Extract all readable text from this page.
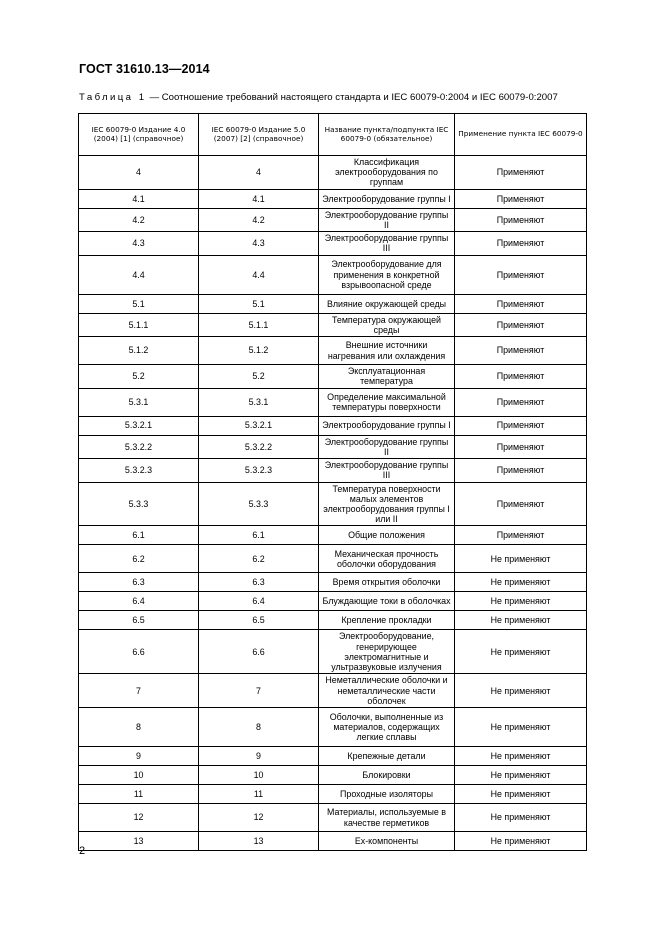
ГОСТ 31610.13—2014
Таблица 1 — Соотношение требований настоящего стандарта и IEC 60079-0:2004 и IEC 60079-0:2007
IEC 60079-0 Издание 4.0 (2004) [1] (справочное)	IEC 60079-0 Издание 5.0 (2007) [2] (справочное)	Название пункта/подпункта IEC 60079-0 (обязательное)	Применение пункта IEC 60079-0

4	4	Классификация электрооборудования по группам	Применяют
4.1	4.1	Электрооборудование группы I	Применяют
4.2	4.2	Электрооборудование группы II	Применяют
4.3	4.3	Электрооборудование группы III	Применяют
4.4	4.4	Электрооборудование для применения в конкретной взрывоопасной среде	Применяют
5.1	5.1	Влияние окружающей среды	Применяют
5.1.1	5.1.1	Температура окружающей среды	Применяют
5.1.2	5.1.2	Внешние источники нагревания или охлаждения	Применяют
5.2	5.2	Эксплуатационная температура	Применяют
5.3.1	5.3.1	Определение максимальной температуры поверхности	Применяют
5.3.2.1	5.3.2.1	Электрооборудование группы I	Применяют
5.3.2.2	5.3.2.2	Электрооборудование группы II	Применяют
5.3.2.3	5.3.2.3	Электрооборудование группы III	Применяют
5.3.3	5.3.3	Температура поверхности малых элементов электрооборудования группы I или II	Применяют
6.1	6.1	Общие положения	Применяют
6.2	6.2	Механическая прочность оболочки оборудования	Не применяют
6.3	6.3	Время открытия оболочки	Не применяют
6.4	6.4	Блуждающие токи в оболочках	Не применяют
6.5	6.5	Крепление прокладки	Не применяют
6.6	6.6	Электрооборудование, генерирующее электромагнитные и ультразвуковые излучения	Не применяют
7	7	Неметаллические оболочки и неметаллические части оболочек	Не применяют
8	8	Оболочки, выполненные из материалов, содержащих легкие сплавы	Не применяют
9	9	Крепежные детали	Не применяют
10	10	Блокировки	Не применяют
11	11	Проходные изоляторы	Не применяют
12	12	Материалы, используемые в качестве герметиков	Не применяют
13	13	Ex-компоненты	Не применяют
2
